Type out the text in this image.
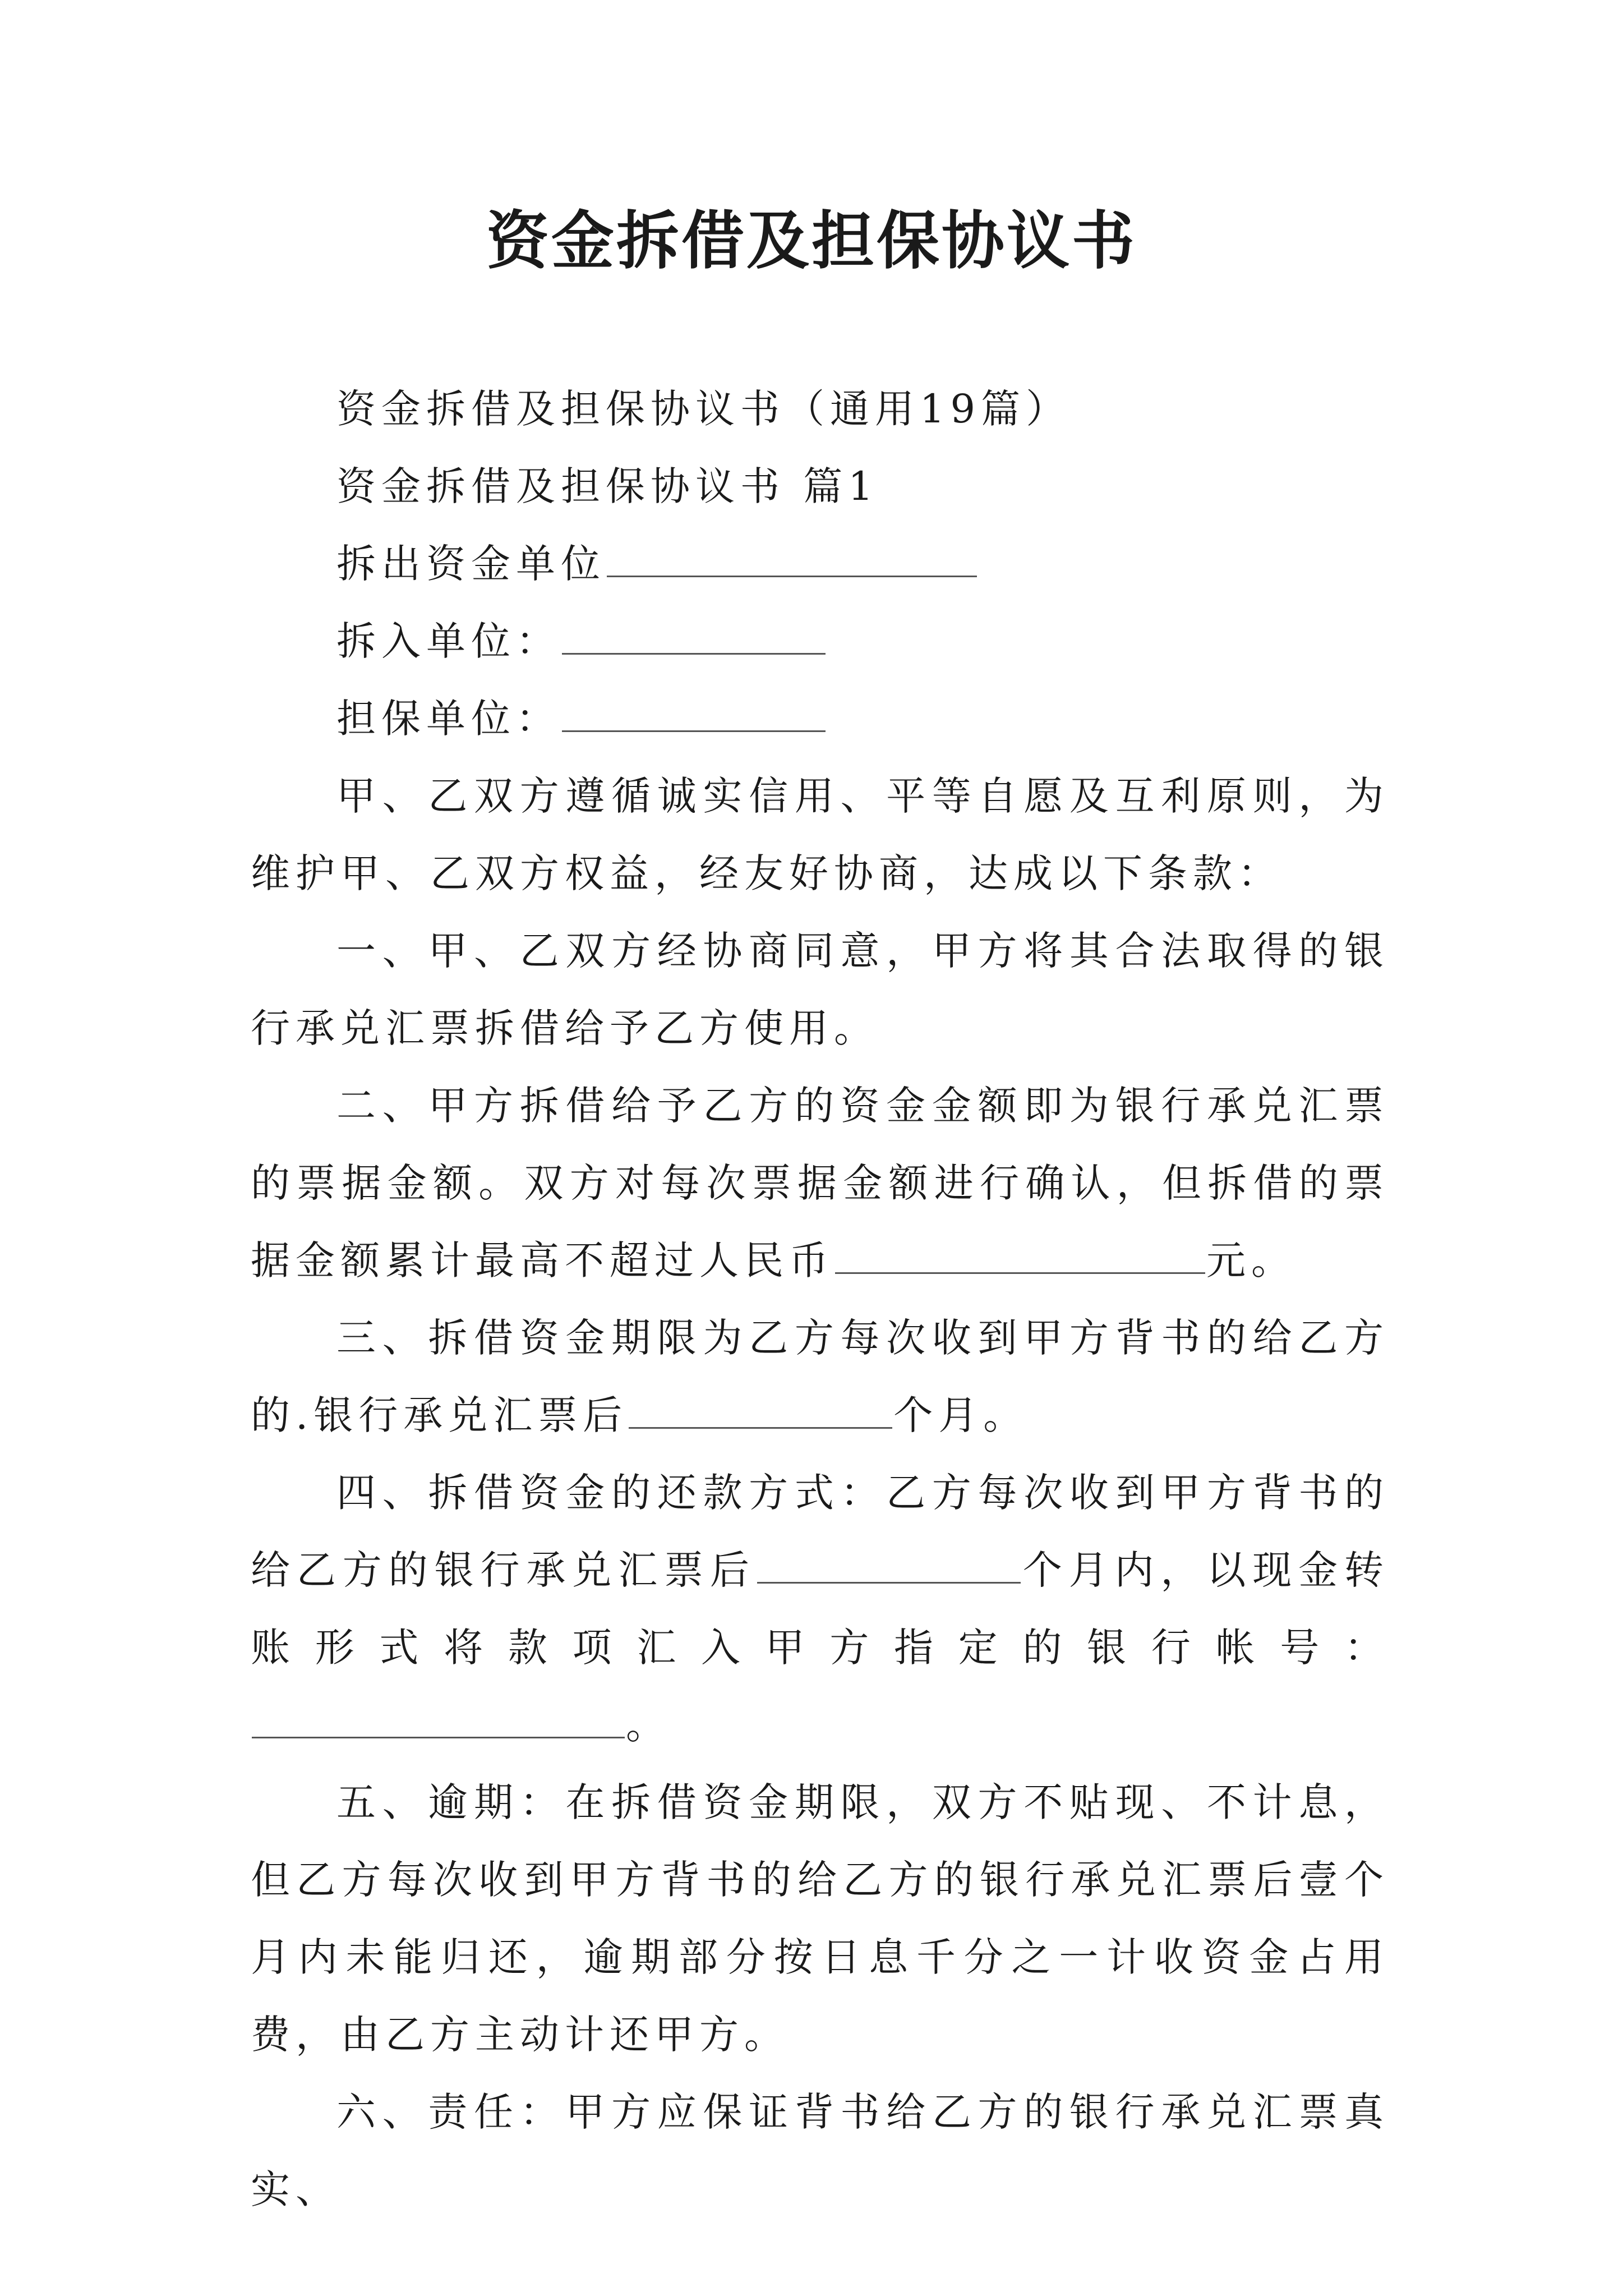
资金拆借及担保协议书

资金拆借及担保协议书（通用19篇）

资金拆借及担保协议书 篇1

拆出资金单位

拆入单位：

担保单位：

甲、乙双方遵循诚实信用、平等自愿及互利原则，为维护甲、乙双方权益，经友好协商，达成以下条款：

一、甲、乙双方经协商同意，甲方将其合法取得的银行承兑汇票拆借给予乙方使用。

二、甲方拆借给予乙方的资金金额即为银行承兑汇票的票据金额。双方对每次票据金额进行确认，但拆借的票据金额累计最高不超过人民币	元。

三、拆借资金期限为乙方每次收到甲方背书的给乙方的.银行承兑汇票后	个月。

四、拆借资金的还款方式：乙方每次收到甲方背书的给乙方的银行承兑汇票后	个月内，以现金转账形式将款项汇入甲方指定的银行帐号：。

五、逾期：在拆借资金期限，双方不贴现、不计息，但乙方每次收到甲方背书的给乙方的银行承兑汇票后壹个月内未能归还，逾期部分按日息千分之一计收资金占用费，由乙方主动计还甲方。

六、责任：甲方应保证背书给乙方的银行承兑汇票真实、
